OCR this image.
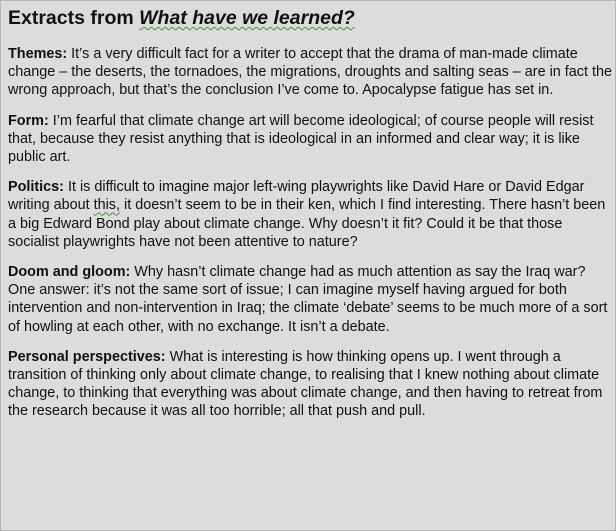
Extracts from What have we learned?

Themes: It’s a very difficult fact for a writer to accept that the drama of man-made climate change – the deserts, the tornadoes, the migrations, droughts and salting seas – are in fact the wrong approach, but that’s the conclusion I’ve come to. Apocalypse fatigue has set in.

Form: I’m fearful that climate change art will become ideological; of course people will resist that, because they resist anything that is ideological in an informed and clear way; it is like public art.

Politics: It is difficult to imagine major left-wing playwrights like David Hare or David Edgar writing about this, it doesn’t seem to be in their ken, which I find interesting. There hasn’t been a big Edward Bond play about climate change. Why doesn’t it fit? Could it be that those socialist playwrights have not been attentive to nature?

Doom and gloom: Why hasn’t climate change had as much attention as say the Iraq war? One answer: it’s not the same sort of issue; I can imagine myself having argued for both intervention and non-intervention in Iraq; the climate ‘debate’ seems to be much more of a sort of howling at each other, with no exchange. It isn’t a debate.

Personal perspectives: What is interesting is how thinking opens up. I went through a transition of thinking only about climate change, to realising that I knew nothing about climate change, to thinking that everything was about climate change, and then having to retreat from the research because it was all too horrible; all that push and pull.
